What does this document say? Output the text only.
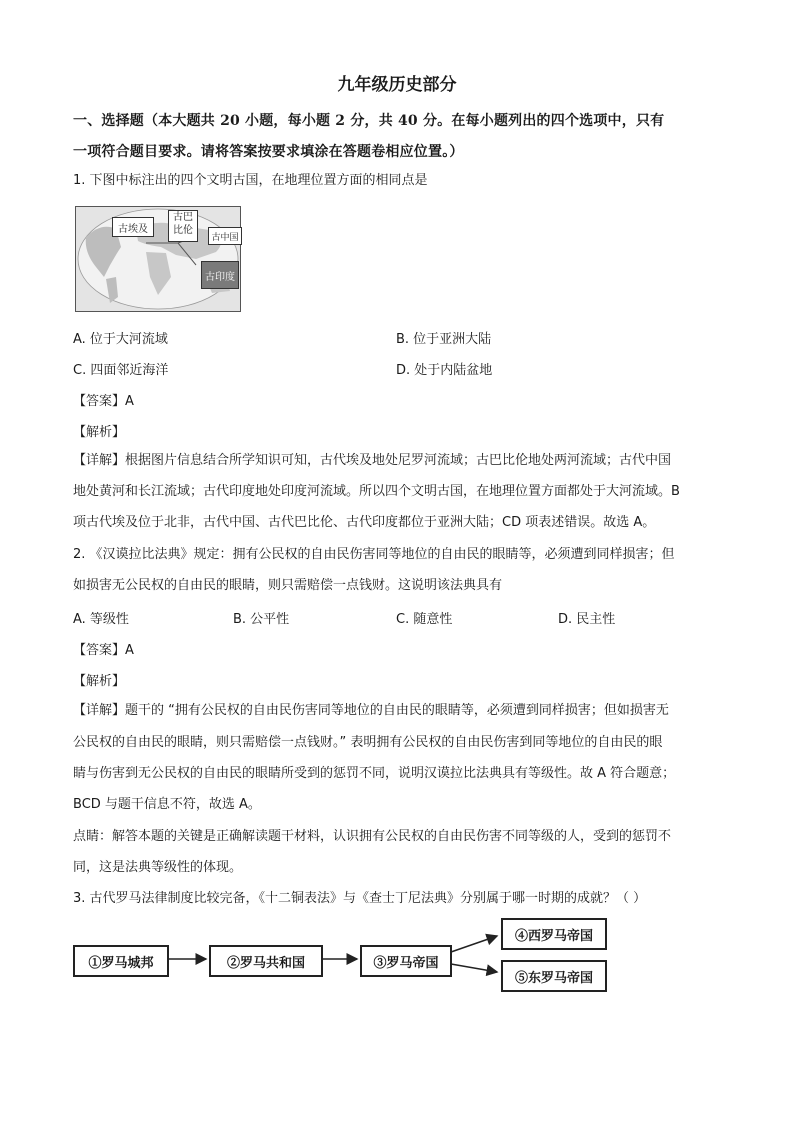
九年级历史部分
一、选择题（本大题共 20 小题，每小题 2 分，共 40 分。在每小题列出的四个选项中，只有
一项符合题目要求。请将答案按要求填涂在答题卷相应位置。）
1. 下图中标注出的四个文明古国，在地理位置方面的相同点是
古埃及
古巴
比伦
古中国
古印度
A. 位于大河流域	B. 位于亚洲大陆
C. 四面邻近海洋	D. 处于内陆盆地
【答案】A
【解析】
【详解】根据图片信息结合所学知识可知，古代埃及地处尼罗河流域；古巴比伦地处两河流域；古代中国
地处黄河和长江流域；古代印度地处印度河流域。所以四个文明古国，在地理位置方面都处于大河流域。B
项古代埃及位于北非，古代中国、古代巴比伦、古代印度都位于亚洲大陆；CD 项表述错误。故选 A。
2. 《汉谟拉比法典》规定：拥有公民权的自由民伤害同等地位的自由民的眼睛等，必须遭到同样损害；但
如损害无公民权的自由民的眼睛，则只需赔偿一点钱财。这说明该法典具有
A. 等级性	B. 公平性	C. 随意性	D. 民主性
【答案】A
【解析】
【详解】题干的 “拥有公民权的自由民伤害同等地位的自由民的眼睛等，必须遭到同样损害；但如损害无
公民权的自由民的眼睛，则只需赔偿一点钱财。” 表明拥有公民权的自由民伤害到同等地位的自由民的眼
睛与伤害到无公民权的自由民的眼睛所受到的惩罚不同，说明汉谟拉比法典具有等级性。故 A 符合题意；
BCD 与题干信息不符，故选 A。
点睛：解答本题的关键是正确解读题干材料，认识拥有公民权的自由民伤害不同等级的人，受到的惩罚不
同，这是法典等级性的体现。
3. 古代罗马法律制度比较完备，《十二铜表法》与《查士丁尼法典》分别属于哪一时期的成就？（ ）
①罗马城邦	②罗马共和国	③罗马帝国
④西罗马帝国
⑤东罗马帝国
